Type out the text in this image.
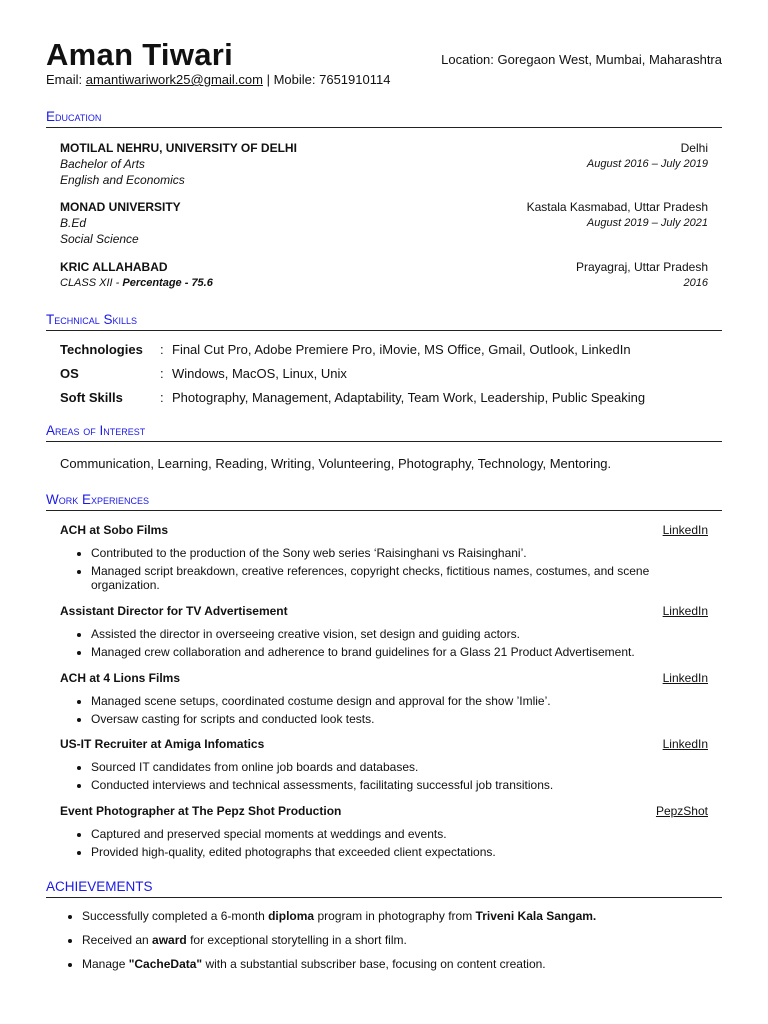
Aman Tiwari	Location: Goregaon West, Mumbai, Maharashtra
Email: amantiwariwork25@gmail.com | Mobile: 7651910114
Education
MOTILAL NEHRU, UNIVERSITY OF DELHI	Delhi
Bachelor of Arts	August 2016 – July 2019
English and Economics
MONAD UNIVERSITY	Kastala Kasmabad, Uttar Pradesh
B.Ed	August 2019 – July 2021
Social Science
KRIC ALLAHABAD	Prayagraj, Uttar Pradesh
CLASS XII - Percentage - 75.6	2016
Technical Skills
Technologies	: Final Cut Pro, Adobe Premiere Pro, iMovie, MS Office, Gmail, Outlook, LinkedIn
OS	: Windows, MacOS, Linux, Unix
Soft Skills	: Photography, Management, Adaptability, Team Work, Leadership, Public Speaking
Areas of Interest
Communication, Learning, Reading, Writing, Volunteering, Photography, Technology, Mentoring.
Work Experiences
ACH at Sobo Films	LinkedIn
• Contributed to the production of the Sony web series ‘Raisinghani vs Raisinghani’.
• Managed script breakdown, creative references, copyright checks, fictitious names, costumes, and scene organization.
Assistant Director for TV Advertisement	LinkedIn
• Assisted the director in overseeing creative vision, set design and guiding actors.
• Managed crew collaboration and adherence to brand guidelines for a Glass 21 Product Advertisement.
ACH at 4 Lions Films	LinkedIn
• Managed scene setups, coordinated costume design and approval for the show ’Imlie’.
• Oversaw casting for scripts and conducted look tests.
US-IT Recruiter at Amiga Infomatics	LinkedIn
• Sourced IT candidates from online job boards and databases.
• Conducted interviews and technical assessments, facilitating successful job transitions.
Event Photographer at The Pepz Shot Production	PepzShot
• Captured and preserved special moments at weddings and events.
• Provided high-quality, edited photographs that exceeded client expectations.
ACHIEVEMENTS
• Successfully completed a 6-month diploma program in photography from Triveni Kala Sangam.
• Received an award for exceptional storytelling in a short film.
• Manage "CacheData" with a substantial subscriber base, focusing on content creation.
